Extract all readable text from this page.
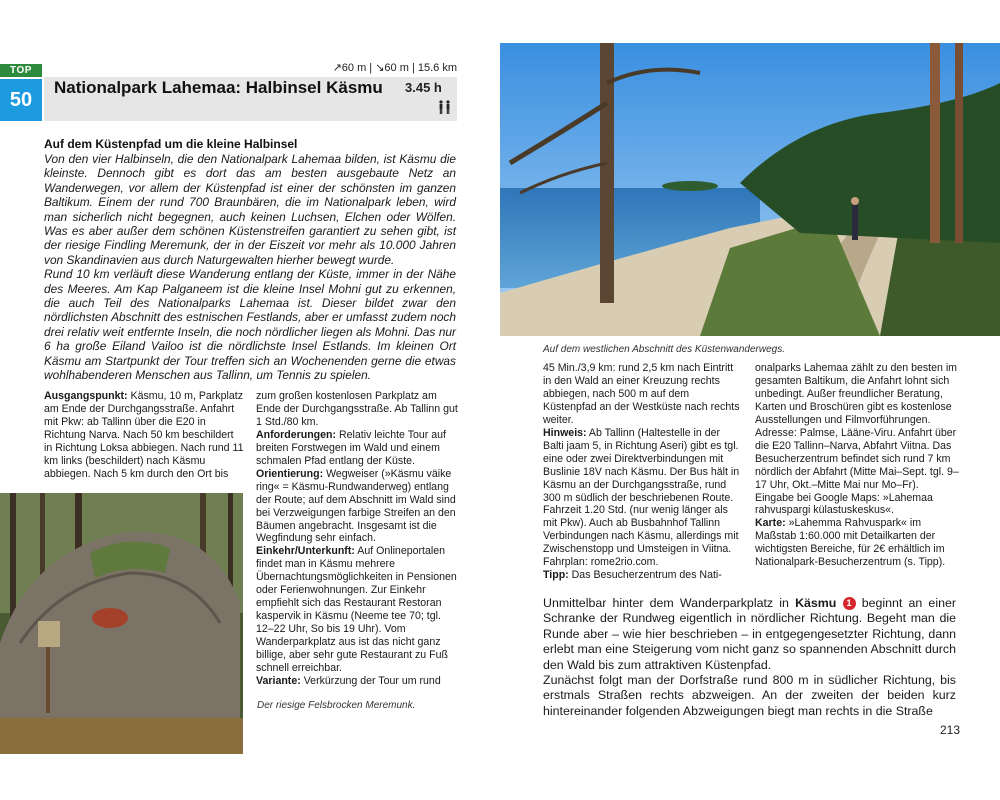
TOP
50
↗60 m | ↘60 m | 15.6 km
Nationalpark Lahemaa: Halbinsel Käsmu 3.45 h
Auf dem Küstenpfad um die kleine Halbinsel

Von den vier Halbinseln, die den Nationalpark Lahemaa bilden, ist Käsmu die kleinste. Dennoch gibt es dort das am besten ausgebaute Netz an Wanderwegen, vor allem der Küstenpfad ist einer der schönsten im ganzen Baltikum. Einem der rund 700 Braunbären, die im Nationalpark leben, wird man sicherlich nicht begegnen, auch keinen Luchsen, Elchen oder Wölfen. Was es aber außer dem schönen Küstenstreifen garantiert zu sehen gibt, ist der riesige Findling Meremunk, der in der Eiszeit vor mehr als 10.000 Jahren von Skandinavien aus durch Naturgewalten hierher bewegt wurde.

Rund 10 km verläuft diese Wanderung entlang der Küste, immer in der Nähe des Meeres. Am Kap Palganeem ist die kleine Insel Mohni gut zu erkennen, die auch Teil des Nationalparks Lahemaa ist. Dieser bildet zwar den nördlichsten Abschnitt des estnischen Festlands, aber er umfasst zudem noch drei relativ weit entfernte Inseln, die noch nördlicher liegen als Mohni. Das nur 6 ha große Eiland Vailoo ist die nördlichste Insel Estlands. Im kleinen Ort Käsmu am Startpunkt der Tour treffen sich an Wochenenden gerne die etwas wohlhabenderen Menschen aus Tallinn, um Tennis zu spielen.

Ausgangspunkt: Käsmu, 10 m, Parkplatz am Ende der Durchgangsstraße. Anfahrt mit Pkw: ab Tallinn über die E20 in Richtung Narva. Nach 50 km beschildert in Richtung Loksa abbiegen. Nach rund 11 km links (beschildert) nach Käsmu abbiegen. Nach 5 km durch den Ort bis

zum großen kostenlosen Parkplatz am Ende der Durchgangsstraße. Ab Tallinn gut 1 Std./80 km.

Anforderungen: Relativ leichte Tour auf breiten Forstwegen im Wald und einem schmalen Pfad entlang der Küste.

Orientierung: Wegweiser (»Käsmu väike ring« = Käsmu-Rundwanderweg) entlang der Route; auf dem Abschnitt im Wald sind bei Verzweigungen farbige Streifen an den Bäumen angebracht. Insgesamt ist die Wegfindung sehr einfach.

Einkehr/Unterkunft: Auf Onlineportalen findet man in Käsmu mehrere Übernachtungsmöglichkeiten in Pensionen oder Ferienwohnungen. Zur Einkehr empfiehlt sich das Restaurant Restoran kaspervik in Käsmu (Neeme tee 70; tgl. 12–22 Uhr, So bis 19 Uhr). Vom Wanderparkplatz aus ist das nicht ganz billige, aber sehr gute Restaurant zu Fuß schnell erreichbar.

Variante: Verkürzung der Tour um rund

Der riesige Felsbrocken Meremunk.
Auf dem westlichen Abschnitt des Küstenwanderwegs.

45 Min./3,9 km: rund 2,5 km nach Eintritt in den Wald an einer Kreuzung rechts abbiegen, nach 500 m auf dem Küstenpfad an der Westküste nach rechts weiter.

Hinweis: Ab Tallinn (Haltestelle in der Balti jaam 5, in Richtung Aseri) gibt es tgl. eine oder zwei Direktverbindungen mit Buslinie 18V nach Käsmu. Der Bus hält in Käsmu an der Durchgangsstraße, rund 300 m südlich der beschriebenen Route. Fahrzeit 1.20 Std. (nur wenig länger als mit Pkw). Auch ab Busbahnhof Tallinn Verbindungen nach Käsmu, allerdings mit Zwischenstopp und Umsteigen in Viitna. Fahrplan: rome2rio.com.

Tipp: Das Besucherzentrum des Nati-

onalparks Lahemaa zählt zu den besten im gesamten Baltikum, die Anfahrt lohnt sich unbedingt. Außer freundlicher Beratung, Karten und Broschüren gibt es kostenlose Ausstellungen und Filmvorführungen. Adresse: Palmse, Lääne-Viru. Anfahrt über die E20 Tallinn–Narva, Abfahrt Viitna. Das Besucherzentrum befindet sich rund 7 km nördlich der Abfahrt (Mitte Mai–Sept. tgl. 9–17 Uhr, Okt.–Mitte Mai nur Mo–Fr). Eingabe bei Google Maps: »Lahemaa rahvuspargi külastuskeskus«.

Karte: »Lahemma Rahvuspark« im Maßstab 1:60.000 mit Detailkarten der wichtigsten Bereiche, für 2€ erhältlich im Nationalpark-Besucherzentrum (s. Tipp).

Unmittelbar hinter dem Wanderparkplatz in Käsmu 1 beginnt an einer Schranke der Rundweg eigentlich in nördlicher Richtung. Begeht man die Runde aber – wie hier beschrieben – in entgegengesetzter Richtung, dann erlebt man eine Steigerung vom nicht ganz so spannenden Abschnitt durch den Wald bis zum attraktiven Küstenpfad.

Zunächst folgt man der Dorfstraße rund 800 m in südlicher Richtung, bis erstmals Straßen rechts abzweigen. An der zweiten der beiden kurz hintereinander folgenden Abzweigungen biegt man rechts in die Straße

213
